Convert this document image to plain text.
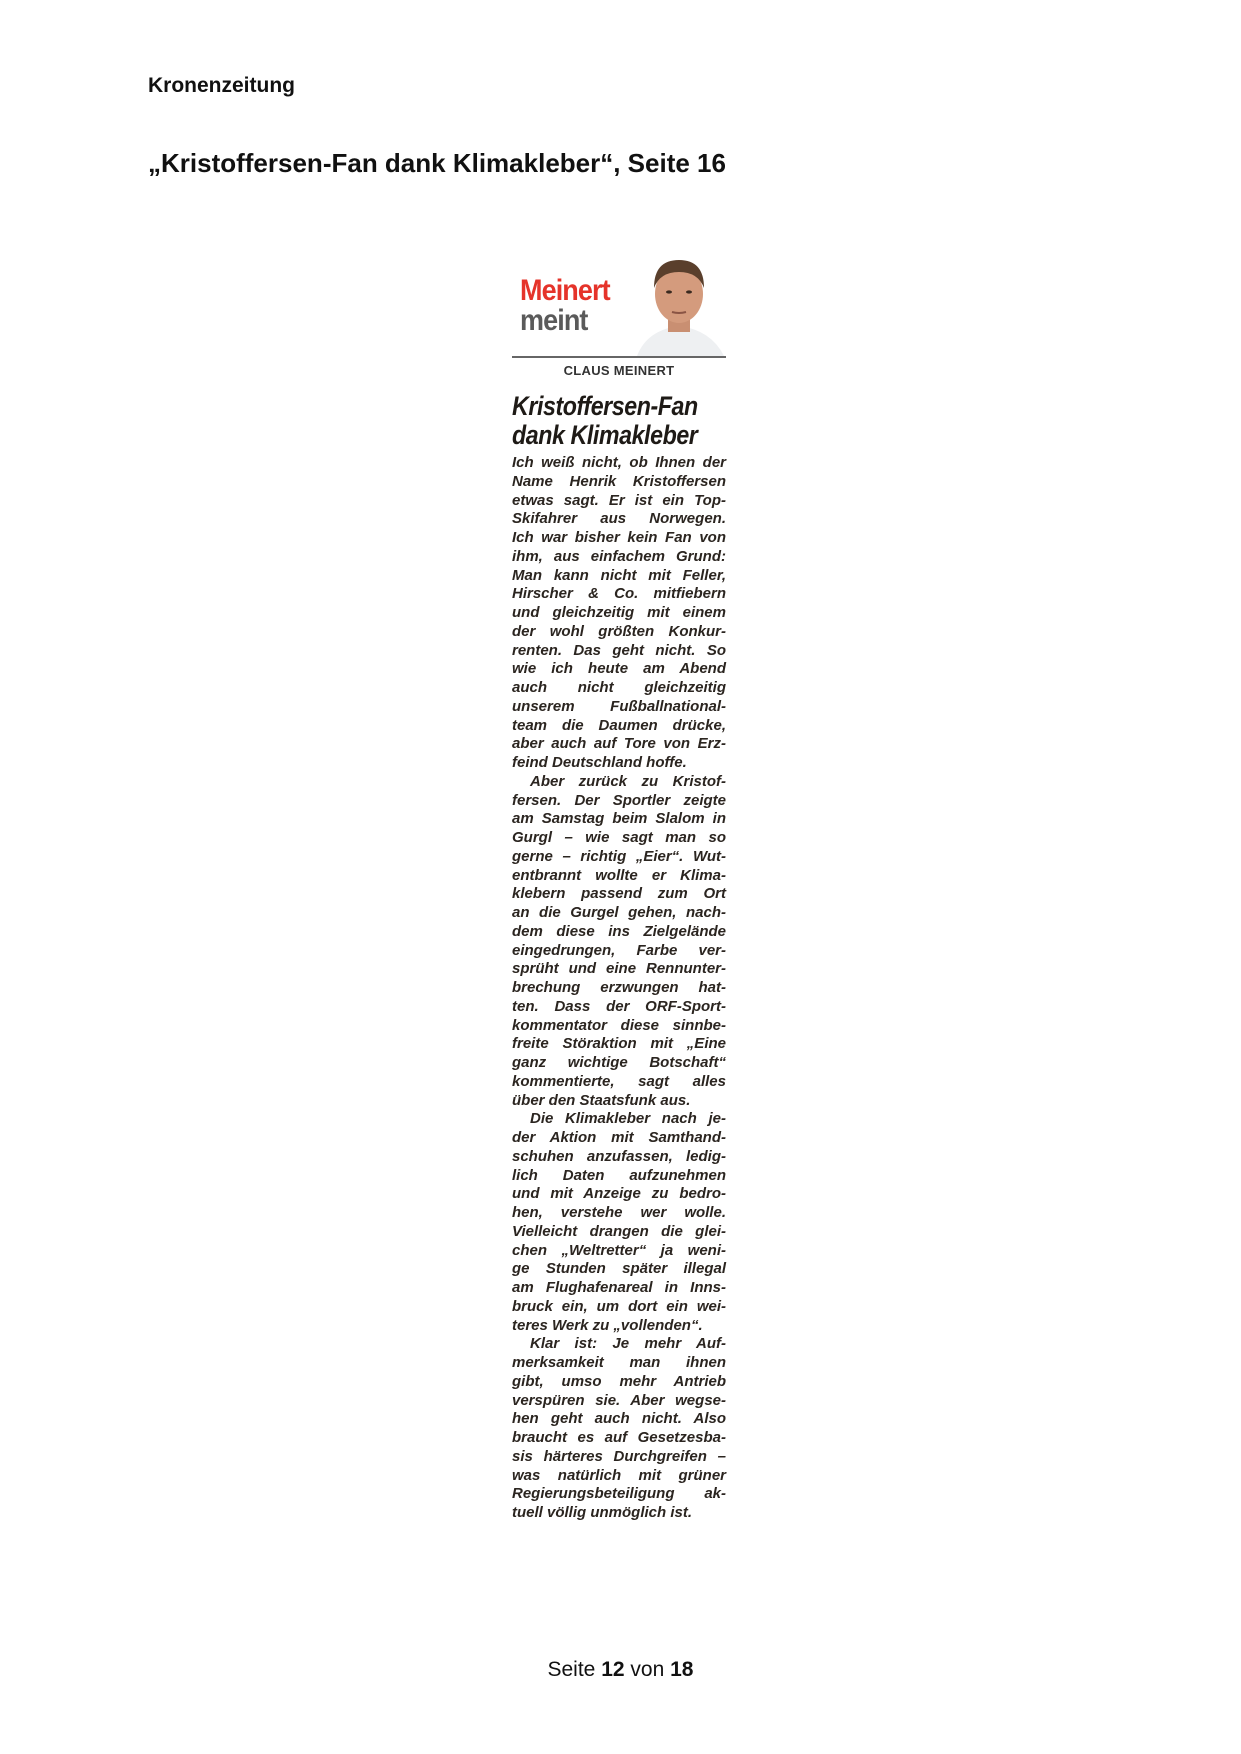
Kronenzeitung
„Kristoffersen-Fan dank Klimakleber“, Seite 16
Meinert
meint
CLAUS MEINERT
Kristoffersen-Fan
dank Klimakleber
Ich weiß nicht, ob Ihnen der
Name Henrik Kristoffersen
etwas sagt. Er ist ein Top-
Skifahrer aus Norwegen.
Ich war bisher kein Fan von
ihm, aus einfachem Grund:
Man kann nicht mit Feller,
Hirscher & Co. mitfiebern
und gleichzeitig mit einem
der wohl größten Konkur-
renten. Das geht nicht. So
wie ich heute am Abend
auch nicht gleichzeitig
unserem Fußballnational-
team die Daumen drücke,
aber auch auf Tore von Erz-
feind Deutschland hoffe.
Aber zurück zu Kristof-
fersen. Der Sportler zeigte
am Samstag beim Slalom in
Gurgl – wie sagt man so
gerne – richtig „Eier“. Wut-
entbrannt wollte er Klima-
klebern passend zum Ort
an die Gurgel gehen, nach-
dem diese ins Zielgelände
eingedrungen, Farbe ver-
sprüht und eine Rennunter-
brechung erzwungen hat-
ten. Dass der ORF-Sport-
kommentator diese sinnbe-
freite Störaktion mit „Eine
ganz wichtige Botschaft“
kommentierte, sagt alles
über den Staatsfunk aus.
Die Klimakleber nach je-
der Aktion mit Samthand-
schuhen anzufassen, ledig-
lich Daten aufzunehmen
und mit Anzeige zu bedro-
hen, verstehe wer wolle.
Vielleicht drangen die glei-
chen „Weltretter“ ja weni-
ge Stunden später illegal
am Flughafenareal in Inns-
bruck ein, um dort ein wei-
teres Werk zu „vollenden“.
Klar ist: Je mehr Auf-
merksamkeit man ihnen
gibt, umso mehr Antrieb
verspüren sie. Aber wegse-
hen geht auch nicht. Also
braucht es auf Gesetzesba-
sis härteres Durchgreifen –
was natürlich mit grüner
Regierungsbeteiligung ak-
tuell völlig unmöglich ist.
Seite 12 von 18
